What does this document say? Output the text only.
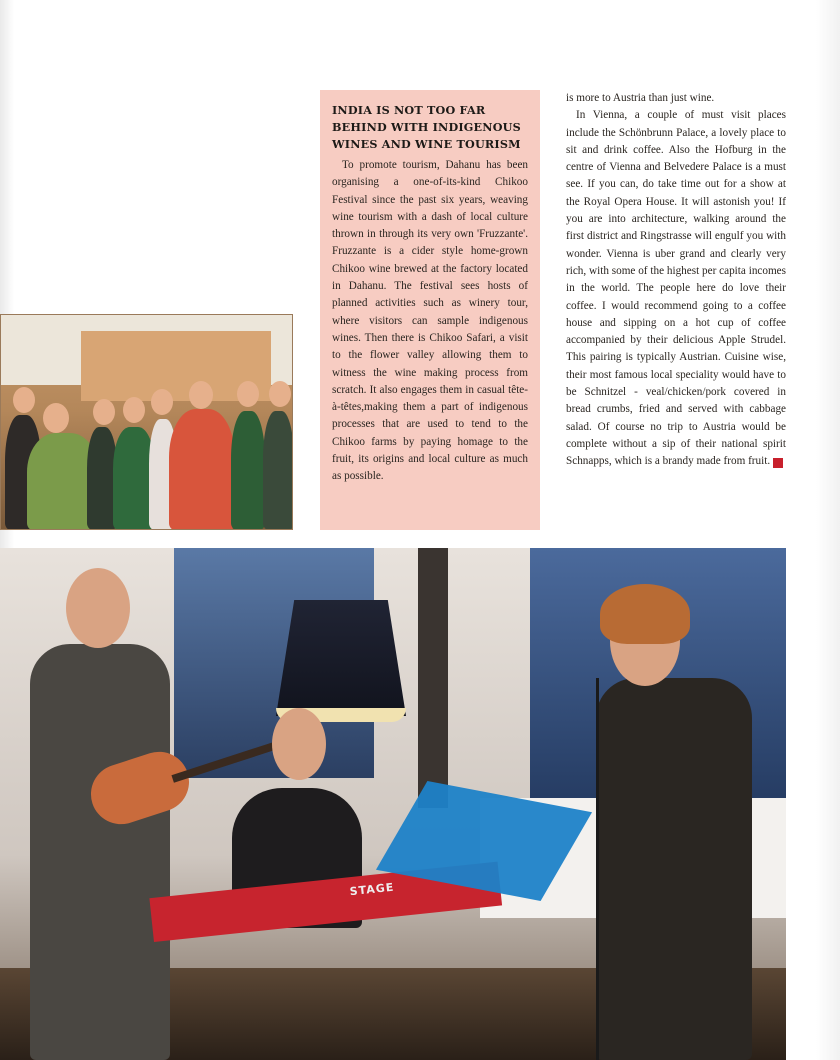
INDIA IS NOT TOO FAR BEHIND WITH INDIGENOUS WINES AND WINE TOURISM

To promote tourism, Dahanu has been organising a one-of-its-kind Chikoo Festival since the past six years, weaving wine tourism with a dash of local culture thrown in through its very own 'Fruzzante'. Fruzzante is a cider style home-grown Chikoo wine brewed at the factory located in Dahanu. The festival sees hosts of planned activities such as winery tour, where visitors can sample indigenous wines. Then there is Chikoo Safari, a visit to the flower valley allowing them to witness the wine making process from scratch. It also engages them in casual tête-à-têtes,making them a part of indigenous processes that are used to tend to the Chikoo farms by paying homage to the fruit, its origins and local culture as much as possible.

is more to Austria than just wine.

In Vienna, a couple of must visit places include the Schönbrunn Palace, a lovely place to sit and drink coffee. Also the Hofburg in the centre of Vienna and Belvedere Palace is a must see. If you can, do take time out for a show at the Royal Opera House. It will astonish you! If you are into architecture, walking around the first district and Ringstrasse will engulf you with wonder. Vienna is uber grand and clearly very rich, with some of the highest per capita incomes in the world. The people here do love their coffee. I would recommend going to a coffee house and sipping on a hot cup of coffee accompanied by their delicious Apple Strudel. This pairing is typically Austrian. Cuisine wise, their most famous local speciality would have to be Schnitzel - veal/chicken/pork covered in bread crumbs, fried and served with cabbage salad. Of course no trip to Austria would be complete without a sip of their national spirit Schnapps, which is a brandy made from fruit. S

STAGE
